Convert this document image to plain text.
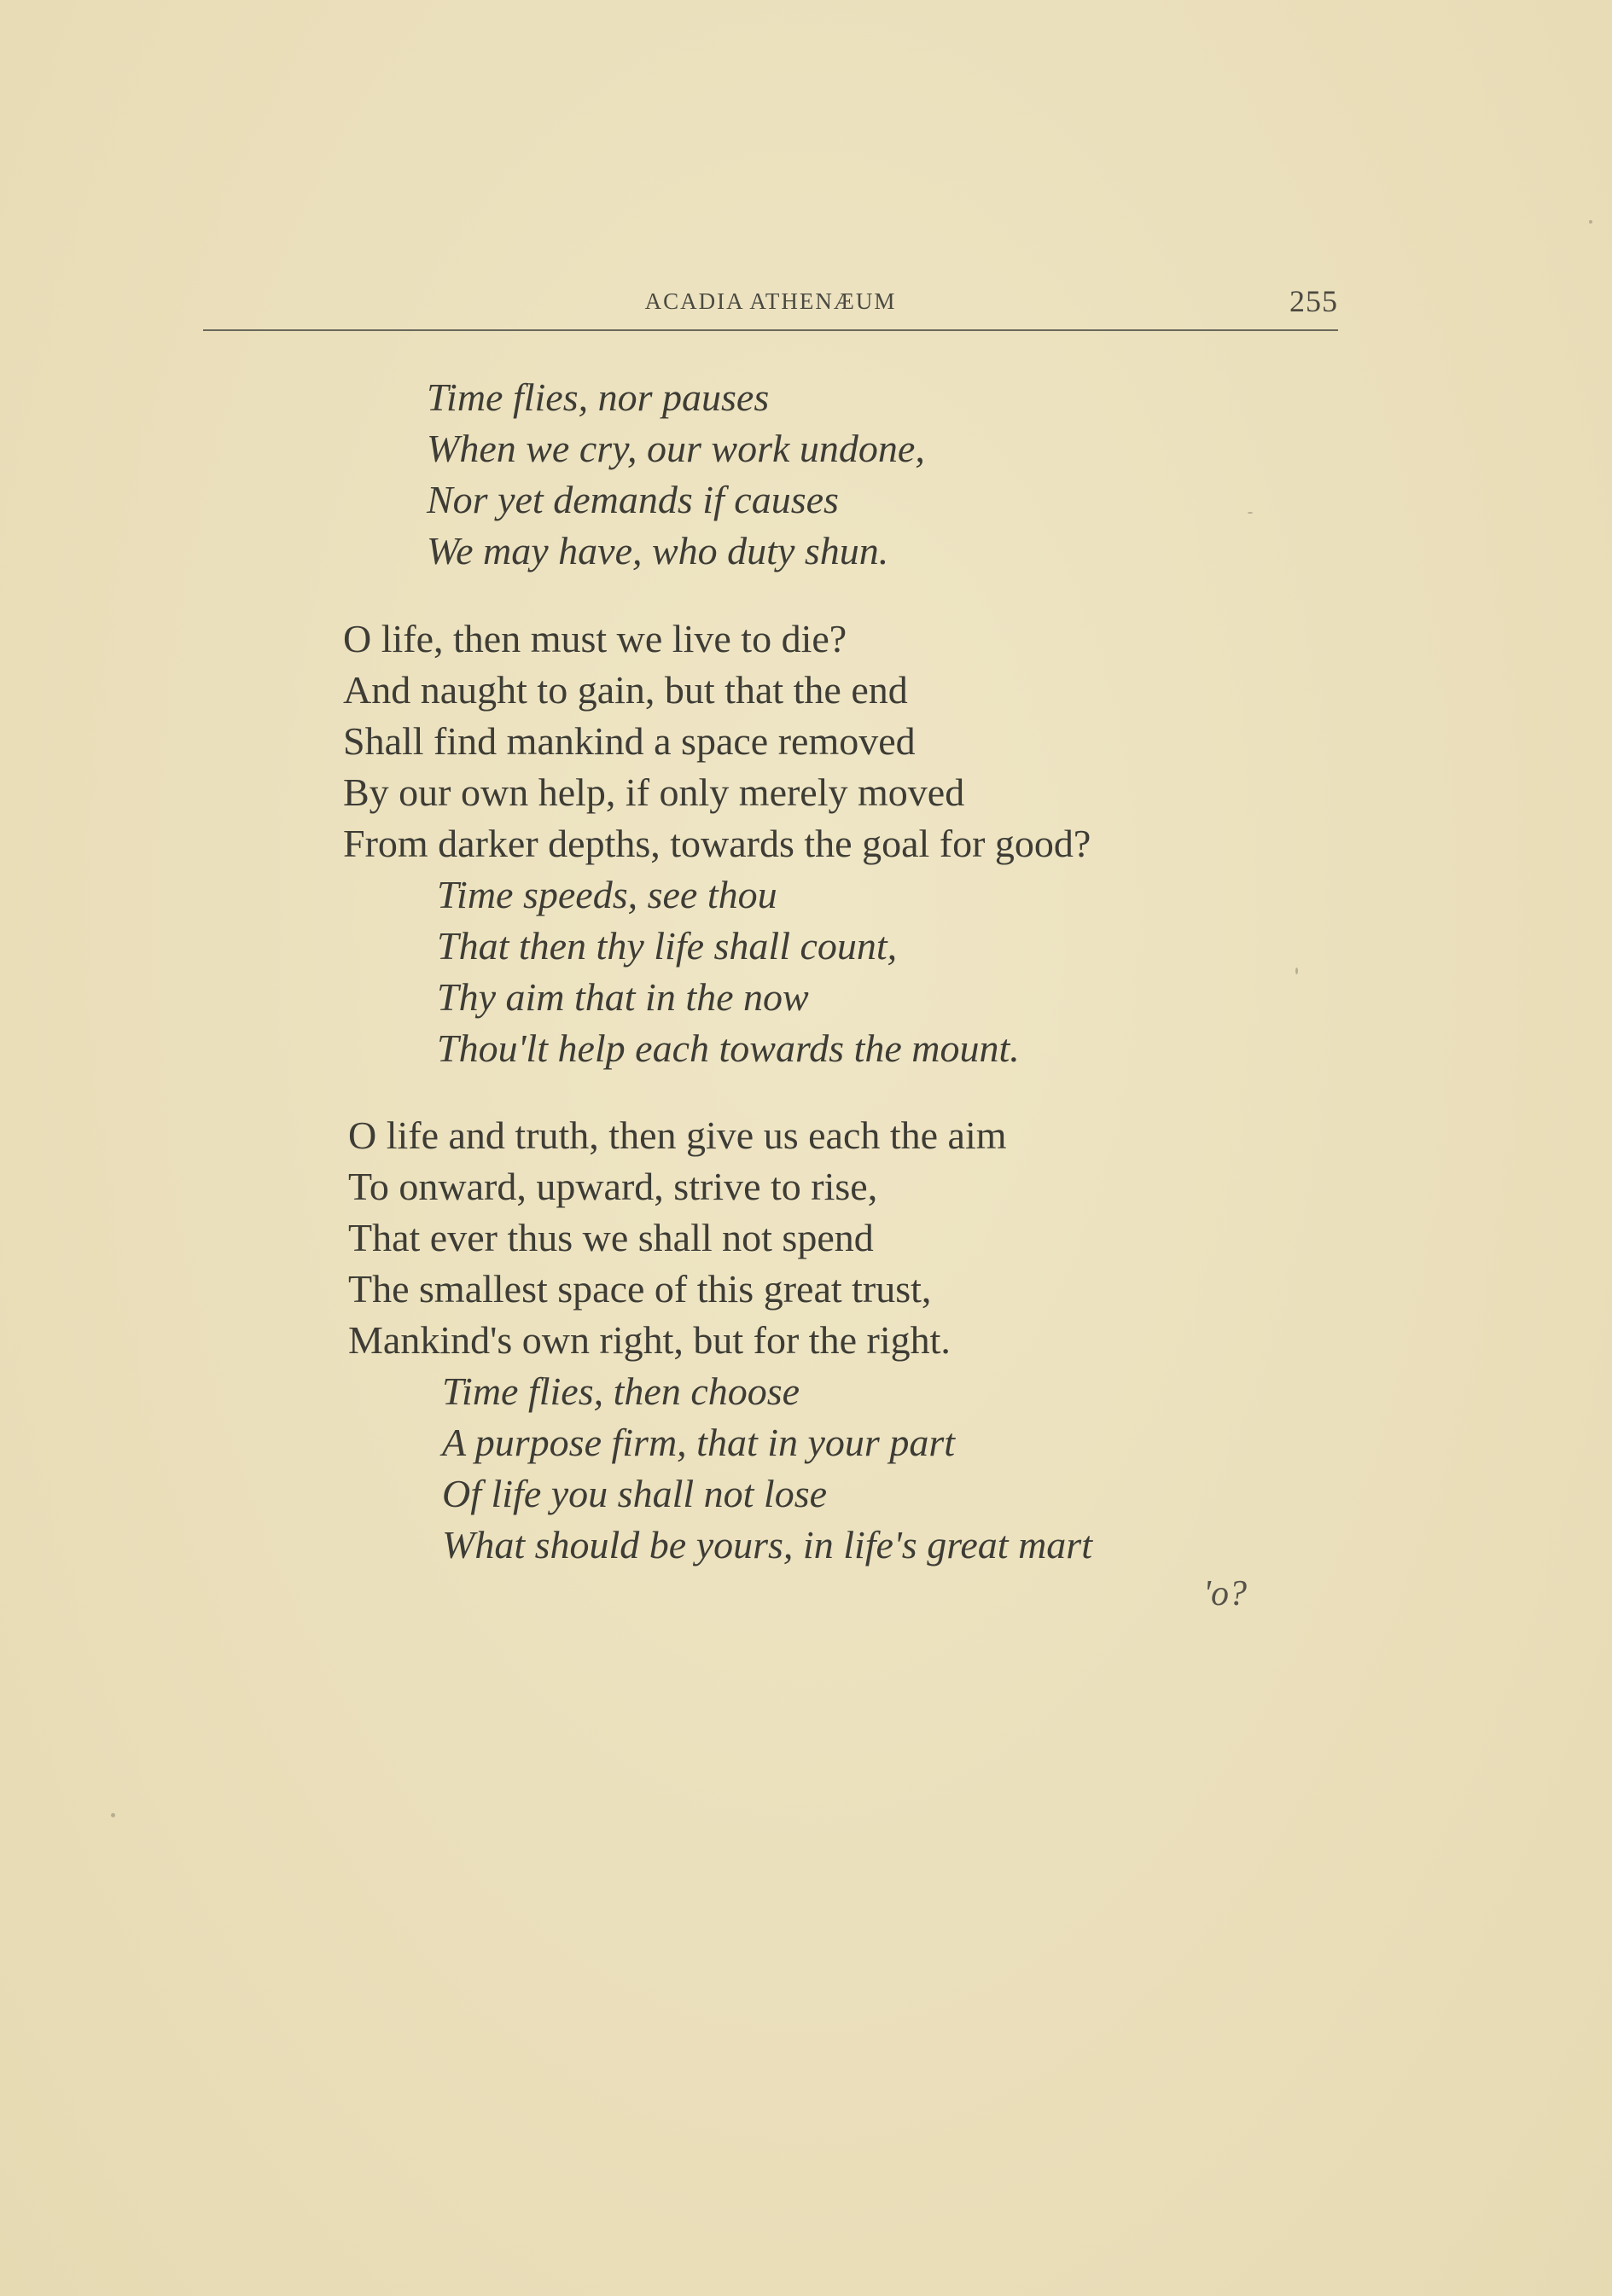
ACADIA ATHENÆUM	255
Time flies, nor pauses
When we cry, our work undone,
Nor yet demands if causes
We may have, who duty shun.
O life, then must we live to die?
And naught to gain, but that the end
Shall find mankind a space removed
By our own help, if only merely moved
From darker depths, towards the goal for good?
Time speeds, see thou
That then thy life shall count,
Thy aim that in the now
Thou'lt help each towards the mount.
O life and truth, then give us each the aim
To onward, upward, strive to rise,
That ever thus we shall not spend
The smallest space of this great trust,
Mankind's own right, but for the right.
Time flies, then choose
A purpose firm, that in your part
Of life you shall not lose
What should be yours, in life's great mart
'o?
